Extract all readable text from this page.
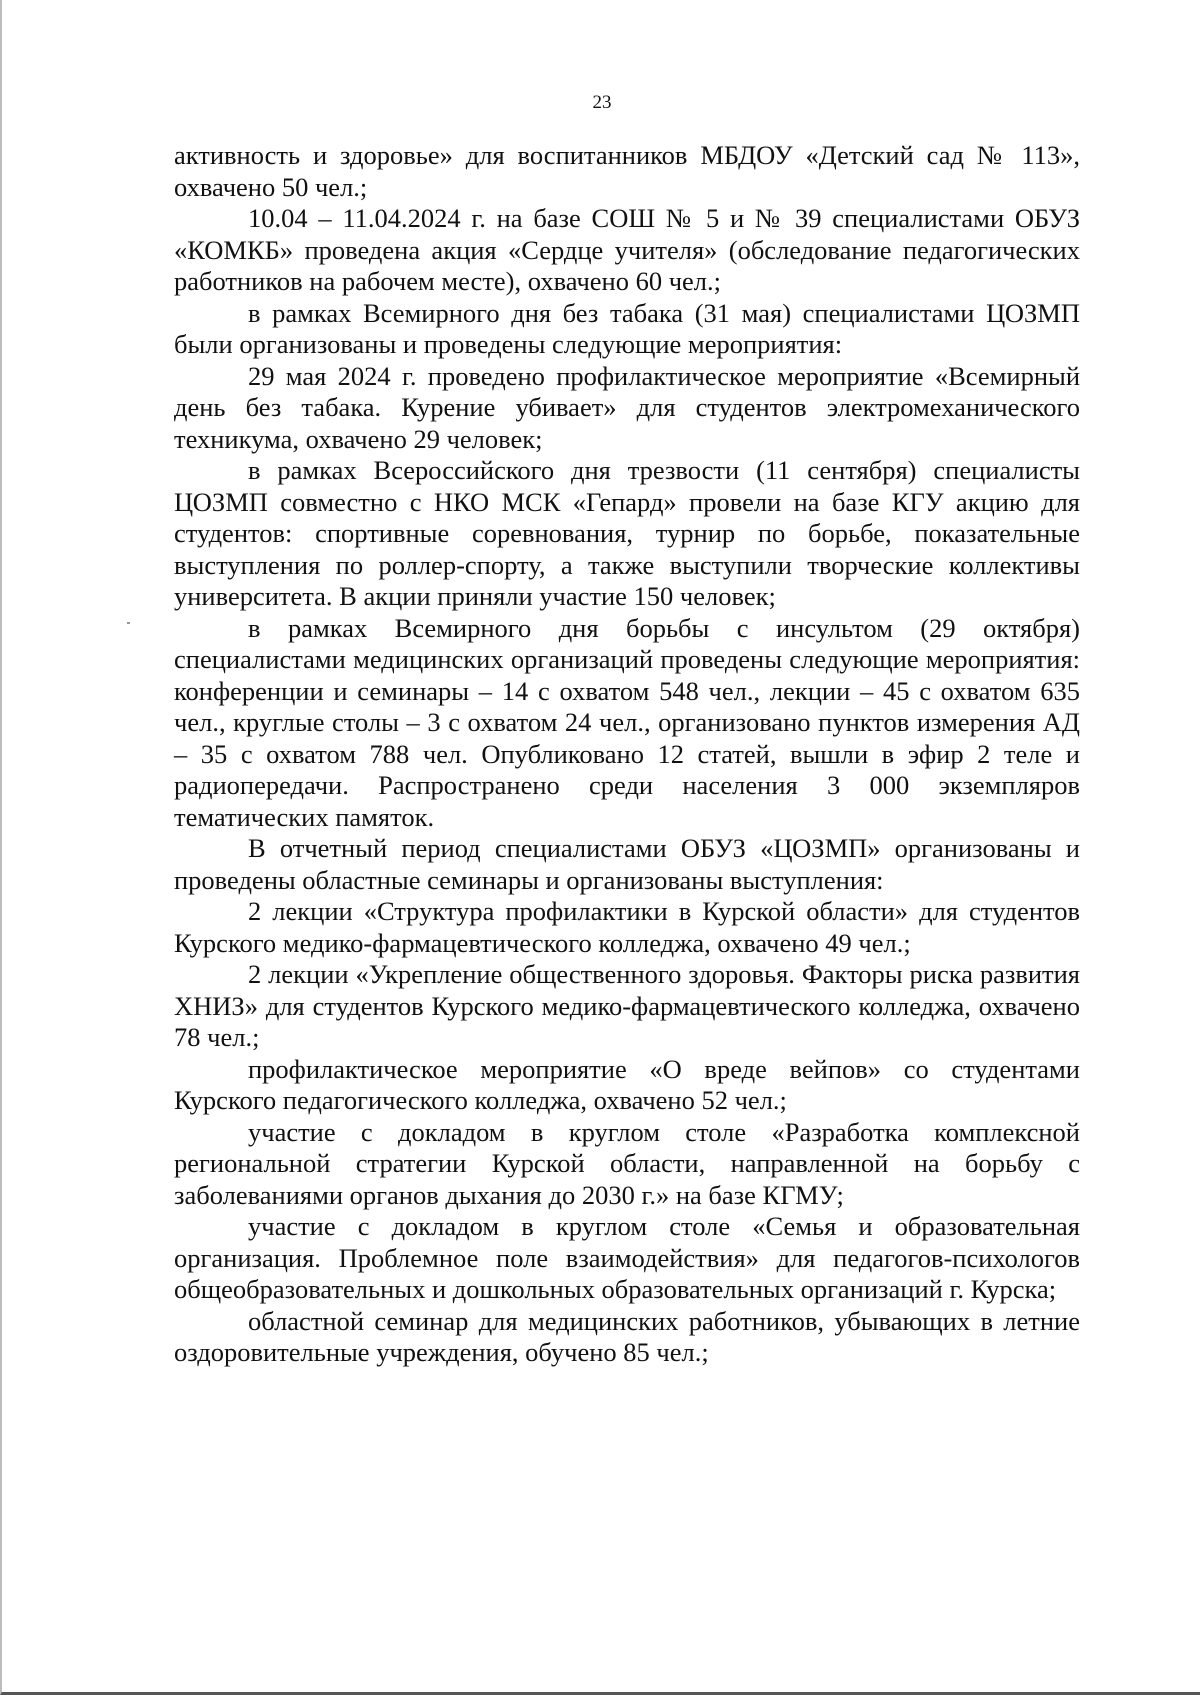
23

активность и здоровье» для воспитанников МБДОУ «Детский сад № 113», охвачено 50 чел.;

10.04 – 11.04.2024 г. на базе СОШ № 5 и № 39 специалистами ОБУЗ «КОМКБ» проведена акция «Сердце учителя» (обследование педагогических работников на рабочем месте), охвачено 60 чел.;

в рамках Всемирного дня без табака (31 мая) специалистами ЦОЗМП были организованы и проведены следующие мероприятия:

29 мая 2024 г. проведено профилактическое мероприятие «Всемирный день без табака. Курение убивает» для студентов электромеханического техникума, охвачено 29 человек;

в рамках Всероссийского дня трезвости (11 сентября) специалисты ЦОЗМП совместно с НКО МСК «Гепард» провели на базе КГУ акцию для студентов: спортивные соревнования, турнир по борьбе, показательные выступления по роллер-спорту, а также выступили творческие коллективы университета. В акции приняли участие 150 человек;

в рамках Всемирного дня борьбы с инсультом (29 октября) специалистами медицинских организаций проведены следующие мероприятия: конференции и семинары – 14 с охватом 548 чел., лекции – 45 с охватом 635 чел., круглые столы – 3 с охватом 24 чел., организовано пунктов измерения АД – 35 с охватом 788 чел. Опубликовано 12 статей, вышли в эфир 2 теле и радиопередачи. Распространено среди населения 3 000 экземпляров тематических памяток.

В отчетный период специалистами ОБУЗ «ЦОЗМП» организованы и проведены областные семинары и организованы выступления:

2 лекции «Структура профилактики в Курской области» для студентов Курского медико-фармацевтического колледжа, охвачено 49 чел.;

2 лекции «Укрепление общественного здоровья. Факторы риска развития ХНИЗ» для студентов Курского медико-фармацевтического колледжа, охвачено 78 чел.;

профилактическое мероприятие «О вреде вейпов» со студентами Курского педагогического колледжа, охвачено 52 чел.;

участие с докладом в круглом столе «Разработка комплексной региональной стратегии Курской области, направленной на борьбу с заболеваниями органов дыхания до 2030 г.» на базе КГМУ;

участие с докладом в круглом столе «Семья и образовательная организация. Проблемное поле взаимодействия» для педагогов-психологов общеобразовательных и дошкольных образовательных организаций г. Курска;

областной семинар для медицинских работников, убывающих в летние оздоровительные учреждения, обучено 85 чел.;
